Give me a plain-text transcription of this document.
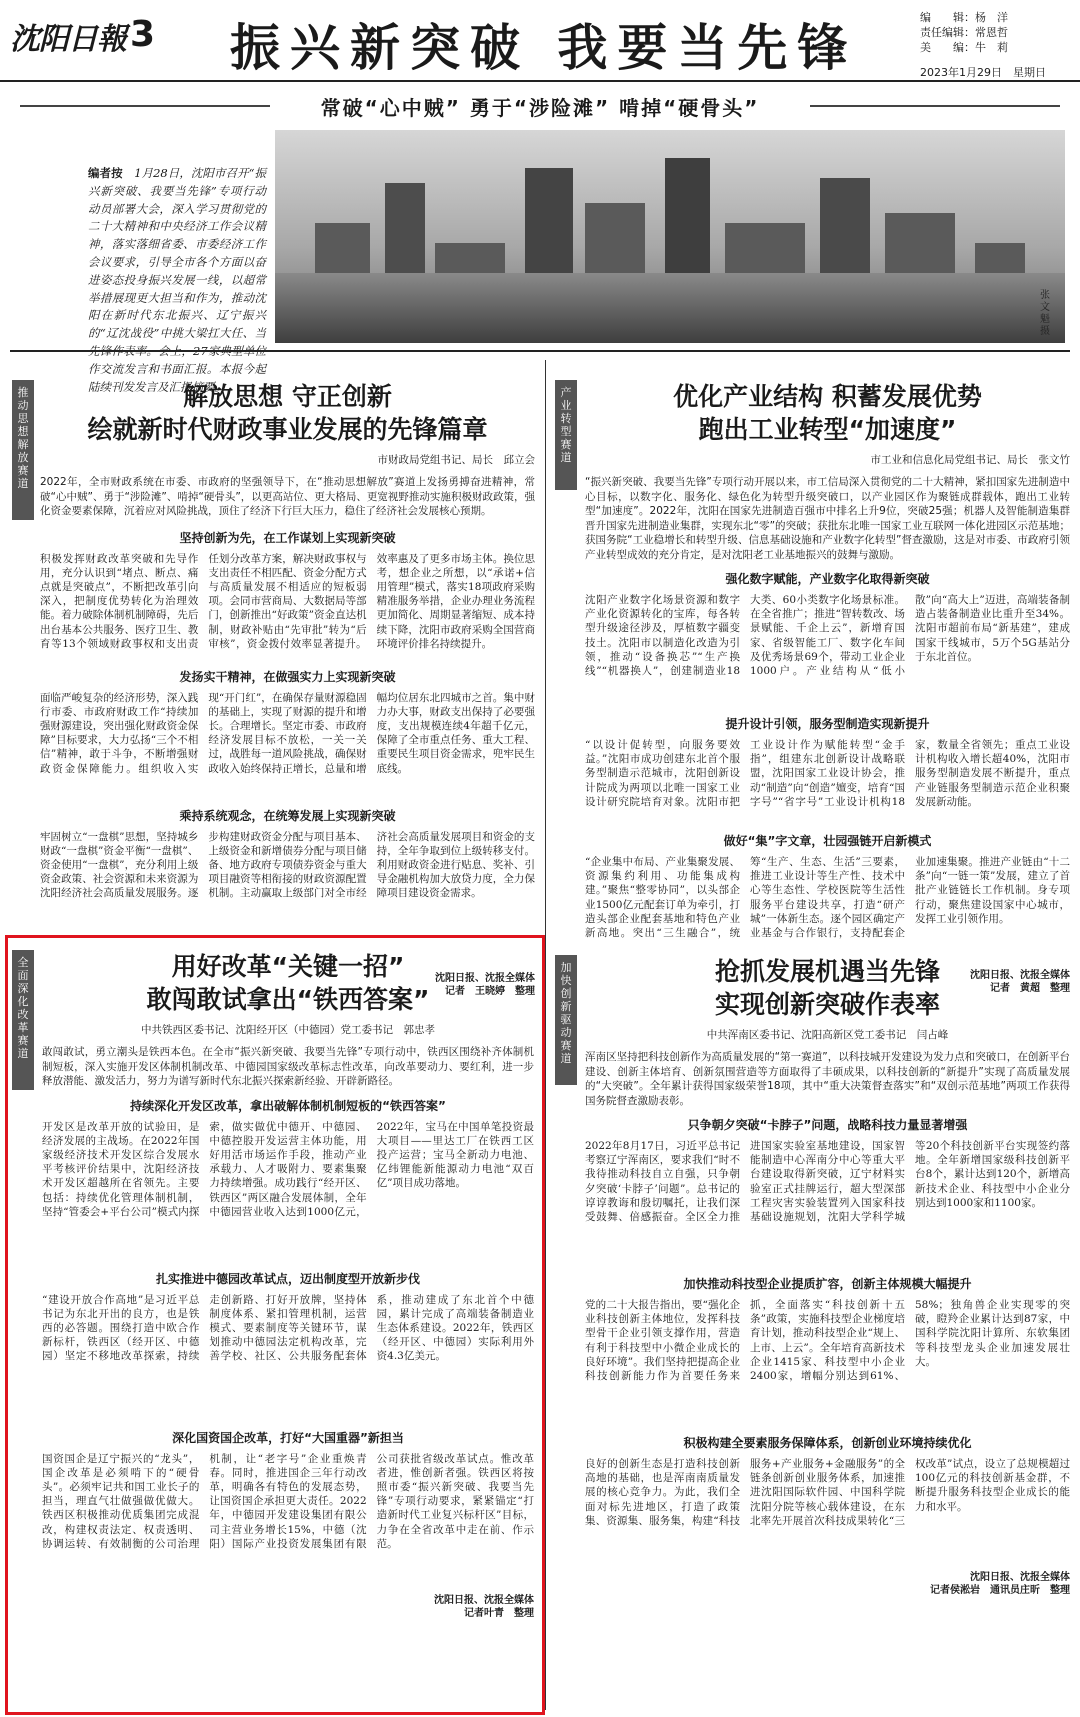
沈阳日報 3 振兴新突破 我要当先锋
编　　辑：杨　洋
责任编辑：常恩哲
美　　编：牛　莉
2023年1月29日　星期日
常破“心中贼” 勇于“涉险滩” 啃掉“硬骨头”
编者按　 1月28日，沈阳市召开“振兴新突破、我要当先锋”专项行动动员部署大会，深入学习贯彻党的二十大精神和中央经济工作会议精神，落实落细省委、市委经济工作会议要求，引导全市各个方面以奋进姿态投身振兴发展一线，以超常举措展现更大担当和作为，推动沈阳在新时代东北振兴、辽宁振兴的“辽沈战役”中挑大梁扛大任、当 作交流发言和书面汇报。本报今起陆续刊发发言及汇报摘要。
张文魁摄
推动思想解放赛道
解放思想 守正创新
绘就新时代财政事业发展的先锋篇章
市财政局党组书记、局长　邱立会
2022年，全市财政系统在市委、市政府的坚强领导下，在“推动思想解放”赛道上发扬勇搏奋进精神，常破“心中贼”、勇于“涉险滩”、啃掉“硬骨头”，以更高站位、更大格局、更宽视野推动实施积极财政政策，强化资金要素保障，沉着应对风险挑战，顶住了经济下行巨大压力，稳住了经济社会发展核心预期。
坚持创新为先，在工作谋划上实现新突破
积极发挥财政改革突破和先导作用，充分认识到“堵点、断点、痛点就是突破点”，不断把改革引向深入，把制度优势转化为治理效能。着力破除体制机制障碍，先后出台基本公共服务、医疗卫生、教育等13个领域财政事权和支出责任划分改革方案，解决财政事权与支出责任不相匹配、资金分配方式与高质量发展不相适应的短板弱项。会同市营商局、大数据局等部门，创新推出“好政策”资金直达机制，财政补贴由“先审批”转为“后审核”，资金拨付效率显著提升。效率惠及了更多市场主体。换位思考，想企业之所想，以“承诺+信用管理”模式，落实18项政府采购精准服务举措，企业办理业务流程更加简化、周期显著缩短、成本持续下降，沈阳市政府采购全国营商环境评价排名持续提升。
发扬实干精神，在做强实力上实现新突破
面临严峻复杂的经济形势，深入践行市委、市政府财政工作“持续加强财源建设，突出强化财政资金保障”目标要求，大力弘扬“三个不相信”精神，敢于斗争，不断增强财政资金保障能力。组织收入实现“开门红”，在确保存量财源稳固的基础上，实现了财源的提升和增长。合理增长。坚定市委、市政府经济发展目标不放松，一关一关过，战胜每一道风险挑战，确保财政收入始终保持正增长，总量和增幅均位居东北四城市之首。集中财力办大事，财政支出保持了必要强度，支出规模连续4年超千亿元，保障了全市重点任务、重大工程、重要民生项目资金需求，兜牢民生底线。
乘持系统观念，在统筹发展上实现新突破
牢固树立“一盘棋”思想，坚持城乡财政“一盘棋”资金平衡“一盘棋”、资金使用“一盘棋”，充分利用上级资金政策、社会资源和未来资源为沈阳经济社会高质量发展服务。逐步构建财政资金分配与项目基本、上级资金和新增债券分配与项目储备、地方政府专项债券资金与重大项目融资等相衔接的财政资源配置机制。主动赢取上级部门对全市经济社会高质量发展项目和资金的支持，全年争取到位上级转移支付。利用财政资金进行贴息、奖补、引导金融机构加大放贷力度，全力保障项目建设资金需求。
沈阳日报、沈报全媒体
记者　王晓婷　整理
产业转型赛道
优化产业结构 积蓄发展优势
跑出工业转型“加速度”
市工业和信息化局党组书记、局长　张文竹
“振兴新突破、我要当先锋”专项行动开展以来，市工信局深入贯彻党的二十大精神，紧扣国家先进制造中心目标，以数字化、服务化、绿色化为转型升级突破口，以产业园区作为聚链成群载体，跑出工业转型“加速度”。2022年，沈阳在国家先进制造百强市中排名上升9位，突破25强；机器人及智能制造集群晋升国家先进制造业集群，实现东北“零”的突破；获批东北唯一国家工业互联网一体化进园区示范基地；获国务院“工业稳增长和转型升级、信息基础设施和产业数字化转型”督查激励，这是对市委、市政府引领产业转型成效的充分肯定，是对沈阳老工业基地振兴的鼓舞与激励。
强化数字赋能，产业数字化取得新突破
沈阳产业数字化场景资源和数字产业化资源转化的宝库，每各转型升级途径涉及，厚植数字疆变技土。沈阳市以制造化改造为引领，推动“设备换芯”“生产换线”“机器换人”，创建制造业18大类、60小类数字化场景标准。在全省推广；推进“智转数改、场景赋能、千企上云”，新增育国家、省级智能工厂、数字化车间及优秀场景69个，带动工业企业1000户。产业结构从“低小散”向“高大上”迈进，高端装备制造占装备制造业比重升至34%。沈阳市超前布局“新基建”，建成国家干线城市，5万个5G基站分于东北首位。
提升设计引领，服务型制造实现新提升
“以设计促转型，向服务要效益。”沈阳市成功创建东北首个服务型制造示范城市，沈阳创新设计院成为两项以北唯一国家工业设计研究院培育对象。沈阳市把工业设计作为赋能转型“金手指”，组建东北创新设计战略联盟，沈阳国家工业设计协会，推动“制造”向“创造”嬗变，培育“国字号”“省字号”工业设计机构18家，数量全省领先；重点工业设计机构收入增长超40%，沈阳市服务型制造发展不断提升，重点产业链服务型制造示范企业积聚发展新动能。
做好“集”字文章，壮园强链开启新模式
“企业集中布局、产业集聚发展、资源集约利用、功能集成构建。”聚焦“整零协同”，以头部企业1500亿元配套订单为牵引，打造头部企业配套基地和特色产业新高地。突出“三生融合”，统筹“生产、生态、生活”三要素，推进工业设计等生产性、技术中心等生态性、学校医院等生活性服务平台建设共享，打造“研产城”一体新生态。逐个园区确定产业基金与合作银行，支持配套企业加速集聚。推进产业链由“十二条”向“一链一策”发展，建立了首批产业链链长工作机制。身专项行动，聚焦建设国家中心城市，发挥工业引领作用。
沈阳日报、沈报全媒体
记者　黄超　整理
全面深化改革赛道
用好改革“关键一招”
敢闯敢试拿出“铁西答案”
中共铁西区委书记、沈阳经开区（中德园）党工委书记　郭忠孝
敢闯敢试，勇立潮头是铁西本色。在全市“振兴新突破、我要当先锋”专项行动中，铁西区围绕补齐体制机制短板，深入实施开发区体制机制改革、中德园国家级改革标志性改革，向改革要动力、要红利，进一步释放潜能、激发活力，努力为谱写新时代东北振兴探索新经验、开辟新路径。
持续深化开发区改革，拿出破解体制机制短板的“铁西答案”
开发区是改革开放的试验田，是经济发展的主战场。在2022年国家级经济技术开发区综合发展水平考核评价结果中，沈阳经济技术开发区超越所在省领先。主要包括：持续优化管理体制机制，坚持“管委会+平台公司”模式内探索，做实做优中德开、中德园、中德控股开发运营主体功能，用好用活市场运作手段，推动产业承载力、人才吸附力、要素集聚力持续增强。成功践行“经开区、铁西区”两区融合发展体制，全年中德园营业收入达到1000亿元，2022年，宝马在中国单笔投资最大项目——里达工厂在铁西工区投产运营；宝马全新动力电池、亿纬锂能新能源动力电池“双百亿”项目成功落地。
扎实推进中德园改革试点，迈出制度型开放新步伐
“建设开放合作高地”是习近平总书记为东北开出的良方，也是铁西的必答题。围绕打造中欧合作新标杆，铁西区（经开区、中德园）坚定不移地改革探索，持续走创新路、打好开放牌，坚持体制度体系、紧扣管理机制，运营模式、要素制度等关键环节，谋划推动中德园法定机构改革，完善学校、社区、公共服务配套体系，推动建成了东北首个中德园，累计完成了高端装备制造业生态体系建设。2022年，铁西区（经开区、中德园）实际利用外资4.3亿美元。
深化国资国企改革，打好“大国重器”新担当
国资国企是辽宁振兴的“龙头”，国企改革是必须啃下的“硬骨头”。必须牢记共和国工业长子的担当，理直气壮做强做优做大。铁西区积极推动优质集团完成混改，构建权责法定、权责透明、协调运转、有效制衡的公司治理机制，让“老字号”企业重焕青春。同时，推进国企三年行动改革，明确各有特色的发展态势，让国资国企承担更大责任。2022年，中德园开发建设集团有限公司主营业务增长15%，中德（沈阳）国际产业投资发展集团有限公司获批省级改革试点。惟改革者进，惟创新者强。铁西区将按照市委“振兴新突破、我要当先锋”专项行动要求，紧紧锚定“打造新时代工业复兴标杆区”目标，力争在全省改革中走在前、作示范。
沈阳日报、沈报全媒体
记者叶青　整理
加快创新驱动赛道
抢抓发展机遇当先锋
实现创新突破作表率
中共浑南区委书记、沈阳高新区党工委书记　闫占峰
浑南区坚持把科技创新作为高质量发展的“第一赛道”，以科技城开发建设为发力点和突破口，在创新平台建设、创新主体培育、创新氛围营造等方面取得了丰硕成果，以科技创新的“新提升”实现了高质量发展的“大突破”。全年累计获得国家级荣誉18项，其中“重大决策督查落实”和“双创示范基地”两项工作获得国务院督查激励表彰。
只争朝夕突破“卡脖子”问题，战略科技力量显著增强
2022年8月17日，习近平总书记考察辽宁浑南区，要求我们“时不我待推动科技自立自强，只争朝夕突破‘卡脖子’问题”。总书记的谆谆教诲和殷切嘱托，让我们深受鼓舞、倍感振奋。全区全力推进国家实验室基地建设，国家智能制造中心浑南分中心等重大平台建设取得新突破，辽宁材料实验室正式挂牌运行，超大型深部工程灾害实验装置列入国家科技基础设施规划，沈阳大学科学城等20个科技创新平台实现签约落地。全年新增国家级科技创新平台8个，累计达到120个，新增高新技术企业、科技型中小企业分别达到1000家和1100家。
加快推动科技型企业提质扩容，创新主体规模大幅提升
党的二十大报告指出，要“强化企业科技创新主体地位，发挥科技型骨干企业引领支撑作用，营造有利于科技型中小微企业成长的良好环境”。我们坚持把提高企业科技创新能力作为首要任务来抓，全面落实“科技创新十五条”政策，实施科技型企业梯度培育计划，推动科技型企业“规上、上市、上云”。全年培育高新技术企业1415家、科技型中小企业2400家，增幅分别达到61%、58%；独角兽企业实现零的突破，瞪羚企业累计达到87家，中国科学院沈阳计算所、东软集团等科技型龙头企业加速发展壮大。
积极构建全要素服务保障体系，创新创业环境持续优化
良好的创新生态是打造科技创新高地的基础，也是浑南南质量发展的核心竞争力。为此，我们全面对标先进地区，打造了政策集、资源集、服务集，构建“科技服务+产业服务+金融服务”的全链条创新创业服务体系，加速推进沈阳国际软件园、中国科学院沈阳分院等核心载体建设，在东北率先开展首次科技成果转化“三权改革”试点，设立了总规模超过100亿元的科技创新基金群，不断提升服务科技型企业成长的能力和水平。
沈阳日报、沈报全媒体
记者侯淞岩　通讯员庄昕　整理
